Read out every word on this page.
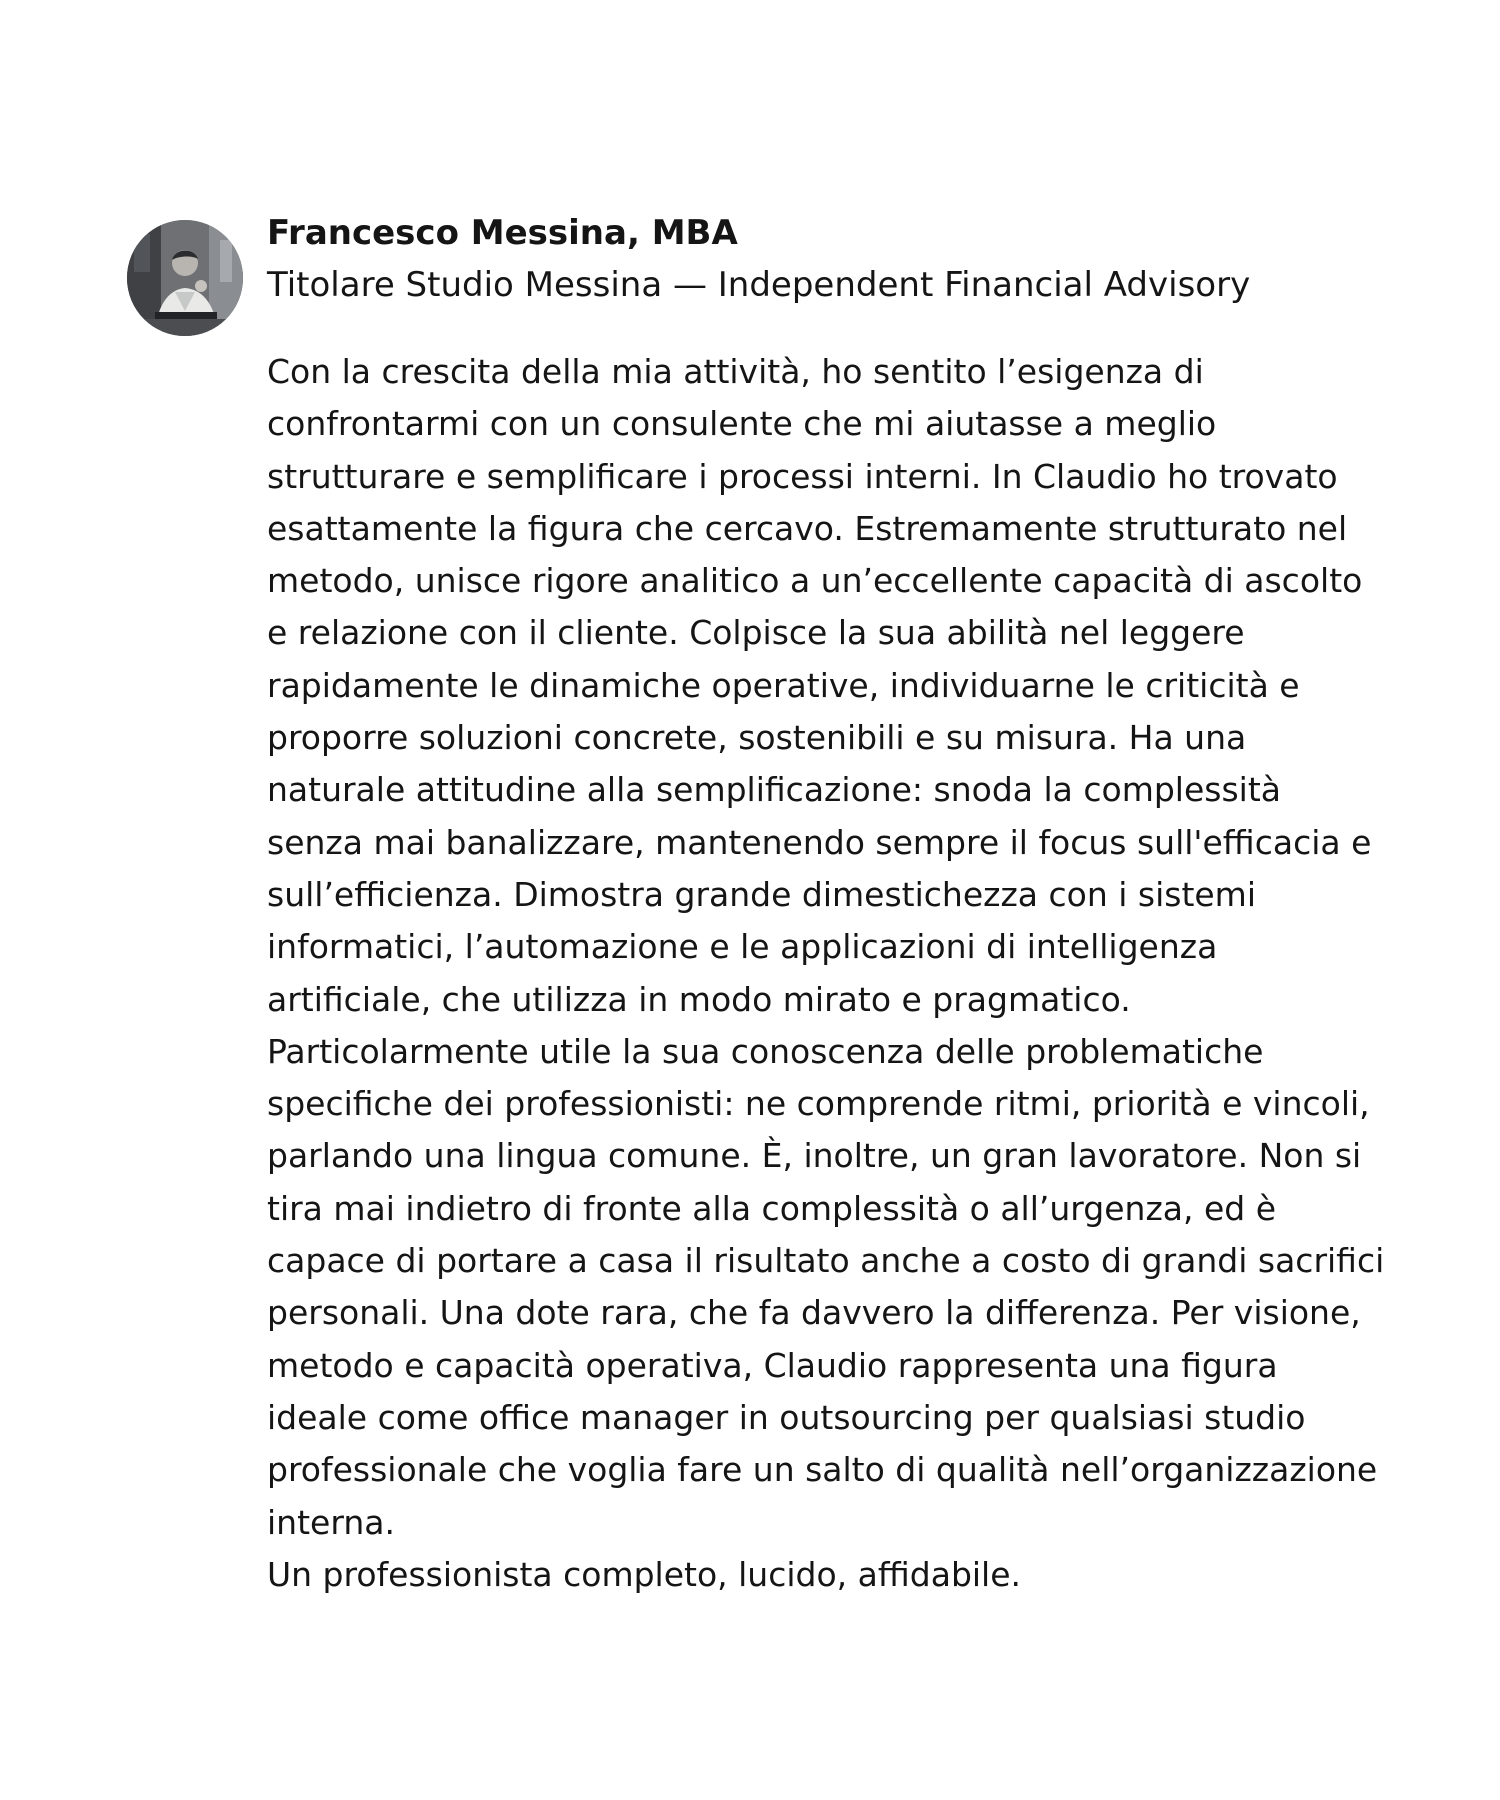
Francesco Messina, MBA

Titolare Studio Messina — Independent Financial Advisory

Con la crescita della mia attività, ho sentito l’esigenza di confrontarmi con un consulente che mi aiutasse a meglio strutturare e semplificare i processi interni. In Claudio ho trovato esattamente la figura che cercavo. Estremamente strutturato nel metodo, unisce rigore analitico a un’eccellente capacità di ascolto e relazione con il cliente. Colpisce la sua abilità nel leggere rapidamente le dinamiche operative, individuarne le criticità e proporre soluzioni concrete, sostenibili e su misura. Ha una naturale attitudine alla semplificazione: snoda la complessità senza mai banalizzare, mantenendo sempre il focus sull'efficacia e sull’efficienza. Dimostra grande dimestichezza con i sistemi informatici, l’automazione e le applicazioni di intelligenza artificiale, che utilizza in modo mirato e pragmatico. Particolarmente utile la sua conoscenza delle problematiche specifiche dei professionisti: ne comprende ritmi, priorità e vincoli, parlando una lingua comune. È, inoltre, un gran lavoratore. Non si tira mai indietro di fronte alla complessità o all’urgenza, ed è capace di portare a casa il risultato anche a costo di grandi sacrifici personali. Una dote rara, che fa davvero la differenza. Per visione, metodo e capacità operativa, Claudio rappresenta una figura ideale come office manager in outsourcing per qualsiasi studio professionale che voglia fare un salto di qualità nell’organizzazione interna.

Un professionista completo, lucido, affidabile.
